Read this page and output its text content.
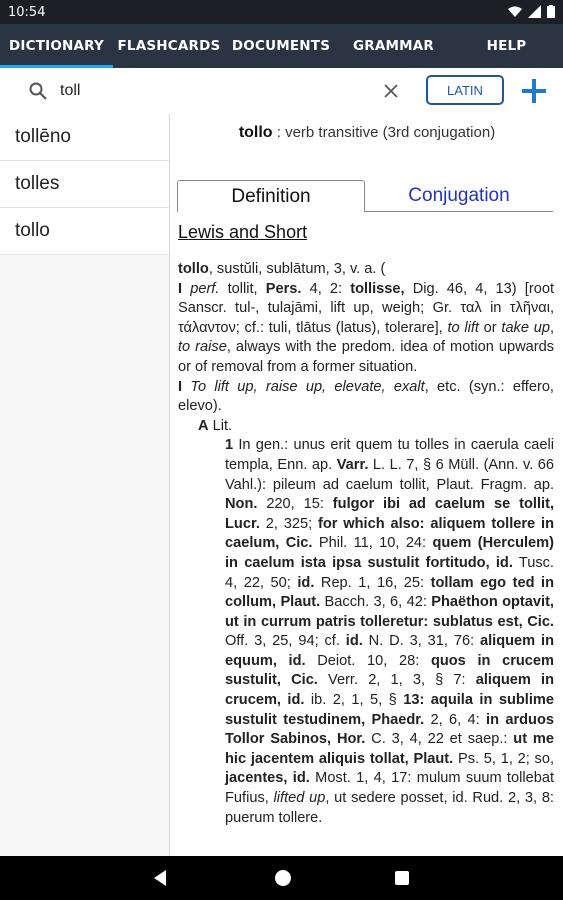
10:54
DICTIONARY FLASHCARDS DOCUMENTS	GRAMMAR	HELP
toll
LATIN
tollēno
tolles
tollo
tollo : verb transitive (3rd conjugation)
Definition	Conjugation
Lewis and Short
tollo, sustŭli, sublātum, 3, v. a. (
I perf. tollit, Pers. 4, 2: tollisse, Dig. 46, 4, 13) [root Sanscr. tul-, tulajāmi, lift up, weigh; Gr. ταλ in τλῆναι, τάλαντον; cf.: tuli, tlātus (latus), tolerare], to lift or take up, to raise, always with the predom. idea of motion upwards or of removal from a former situation.
I To lift up, raise up, elevate, exalt, etc. (syn.: effero, elevo).
A Lit.
1 In gen.: unus erit quem tu tolles in caerula caeli templa, Enn. ap. Varr. L. L. 7, § 6 Müll. (Ann. v. 66 Vahl.): pileum ad caelum tollit, Plaut. Fragm. ap. Non. 220, 15: fulgor ibi ad caelum se tollit, Lucr. 2, 325; for which also: aliquem tollere in caelum, Cic. Phil. 11, 10, 24: quem (Herculem) in caelum ista ipsa sustulit fortitudo, id. Tusc. 4, 22, 50; id. Rep. 1, 16, 25: tollam ego ted in collum, Plaut. Bacch. 3, 6, 42: Phaëthon optavit, ut in currum patris tolleretur: sublatus est, Cic. Off. 3, 25, 94; cf. id. N. D. 3, 31, 76: aliquem in equum, id. Deiot. 10, 28: quos in crucem sustulit, Cic. Verr. 2, 1, 3, § 7: aliquem in crucem, id. ib. 2, 1, 5, § 13: aquila in sublime sustulit testudinem, Phaedr. 2, 6, 4: in arduos Tollor Sabinos, Hor. C. 3, 4, 22 et saep.: ut me hic jacentem aliquis tollat, Plaut. Ps. 5, 1, 2; so, jacentes, id. Most. 1, 4, 17: mulum suum tollebat Fufius, lifted up, ut sedere posset, id. Rud. 2, 3, 8: puerum tollere.
